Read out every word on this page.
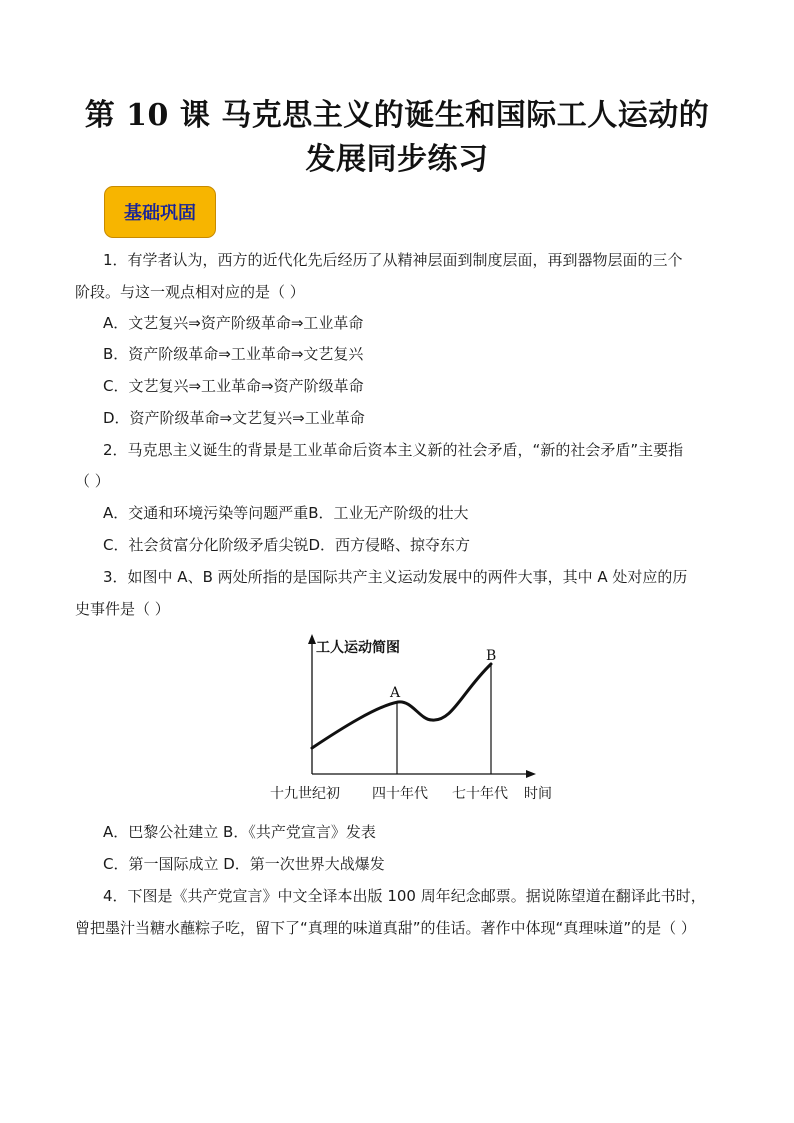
第 10 课 马克思主义的诞生和国际工人运动的
发展同步练习
基础巩固
1．有学者认为，西方的近代化先后经历了从精神层面到制度层面，再到器物层面的三个
阶段。与这一观点相对应的是（ ）
A．文艺复兴⇒资产阶级革命⇒工业革命
B．资产阶级革命⇒工业革命⇒文艺复兴
C．文艺复兴⇒工业革命⇒资产阶级革命
D．资产阶级革命⇒文艺复兴⇒工业革命
2．马克思主义诞生的背景是工业革命后资本主义新的社会矛盾，“新的社会矛盾”主要指
（ ）
A．交通和环境污染等问题严重B．工业无产阶级的壮大
C．社会贫富分化阶级矛盾尖锐D．西方侵略、掠夺东方
3．如图中 A、B 两处所指的是国际共产主义运动发展中的两件大事，其中 A 处对应的历
史事件是（ ）
工人运动简图
A
B
十九世纪初 四十年代 七十年代 时间
A．巴黎公社建立 B．《共产党宣言》发表
C．第一国际成立 D．第一次世界大战爆发
4．下图是《共产党宣言》中文全译本出版 100 周年纪念邮票。据说陈望道在翻译此书时，
曾把墨汁当糖水蘸粽子吃，留下了“真理的味道真甜”的佳话。著作中体现“真理味道”的是（ ）
